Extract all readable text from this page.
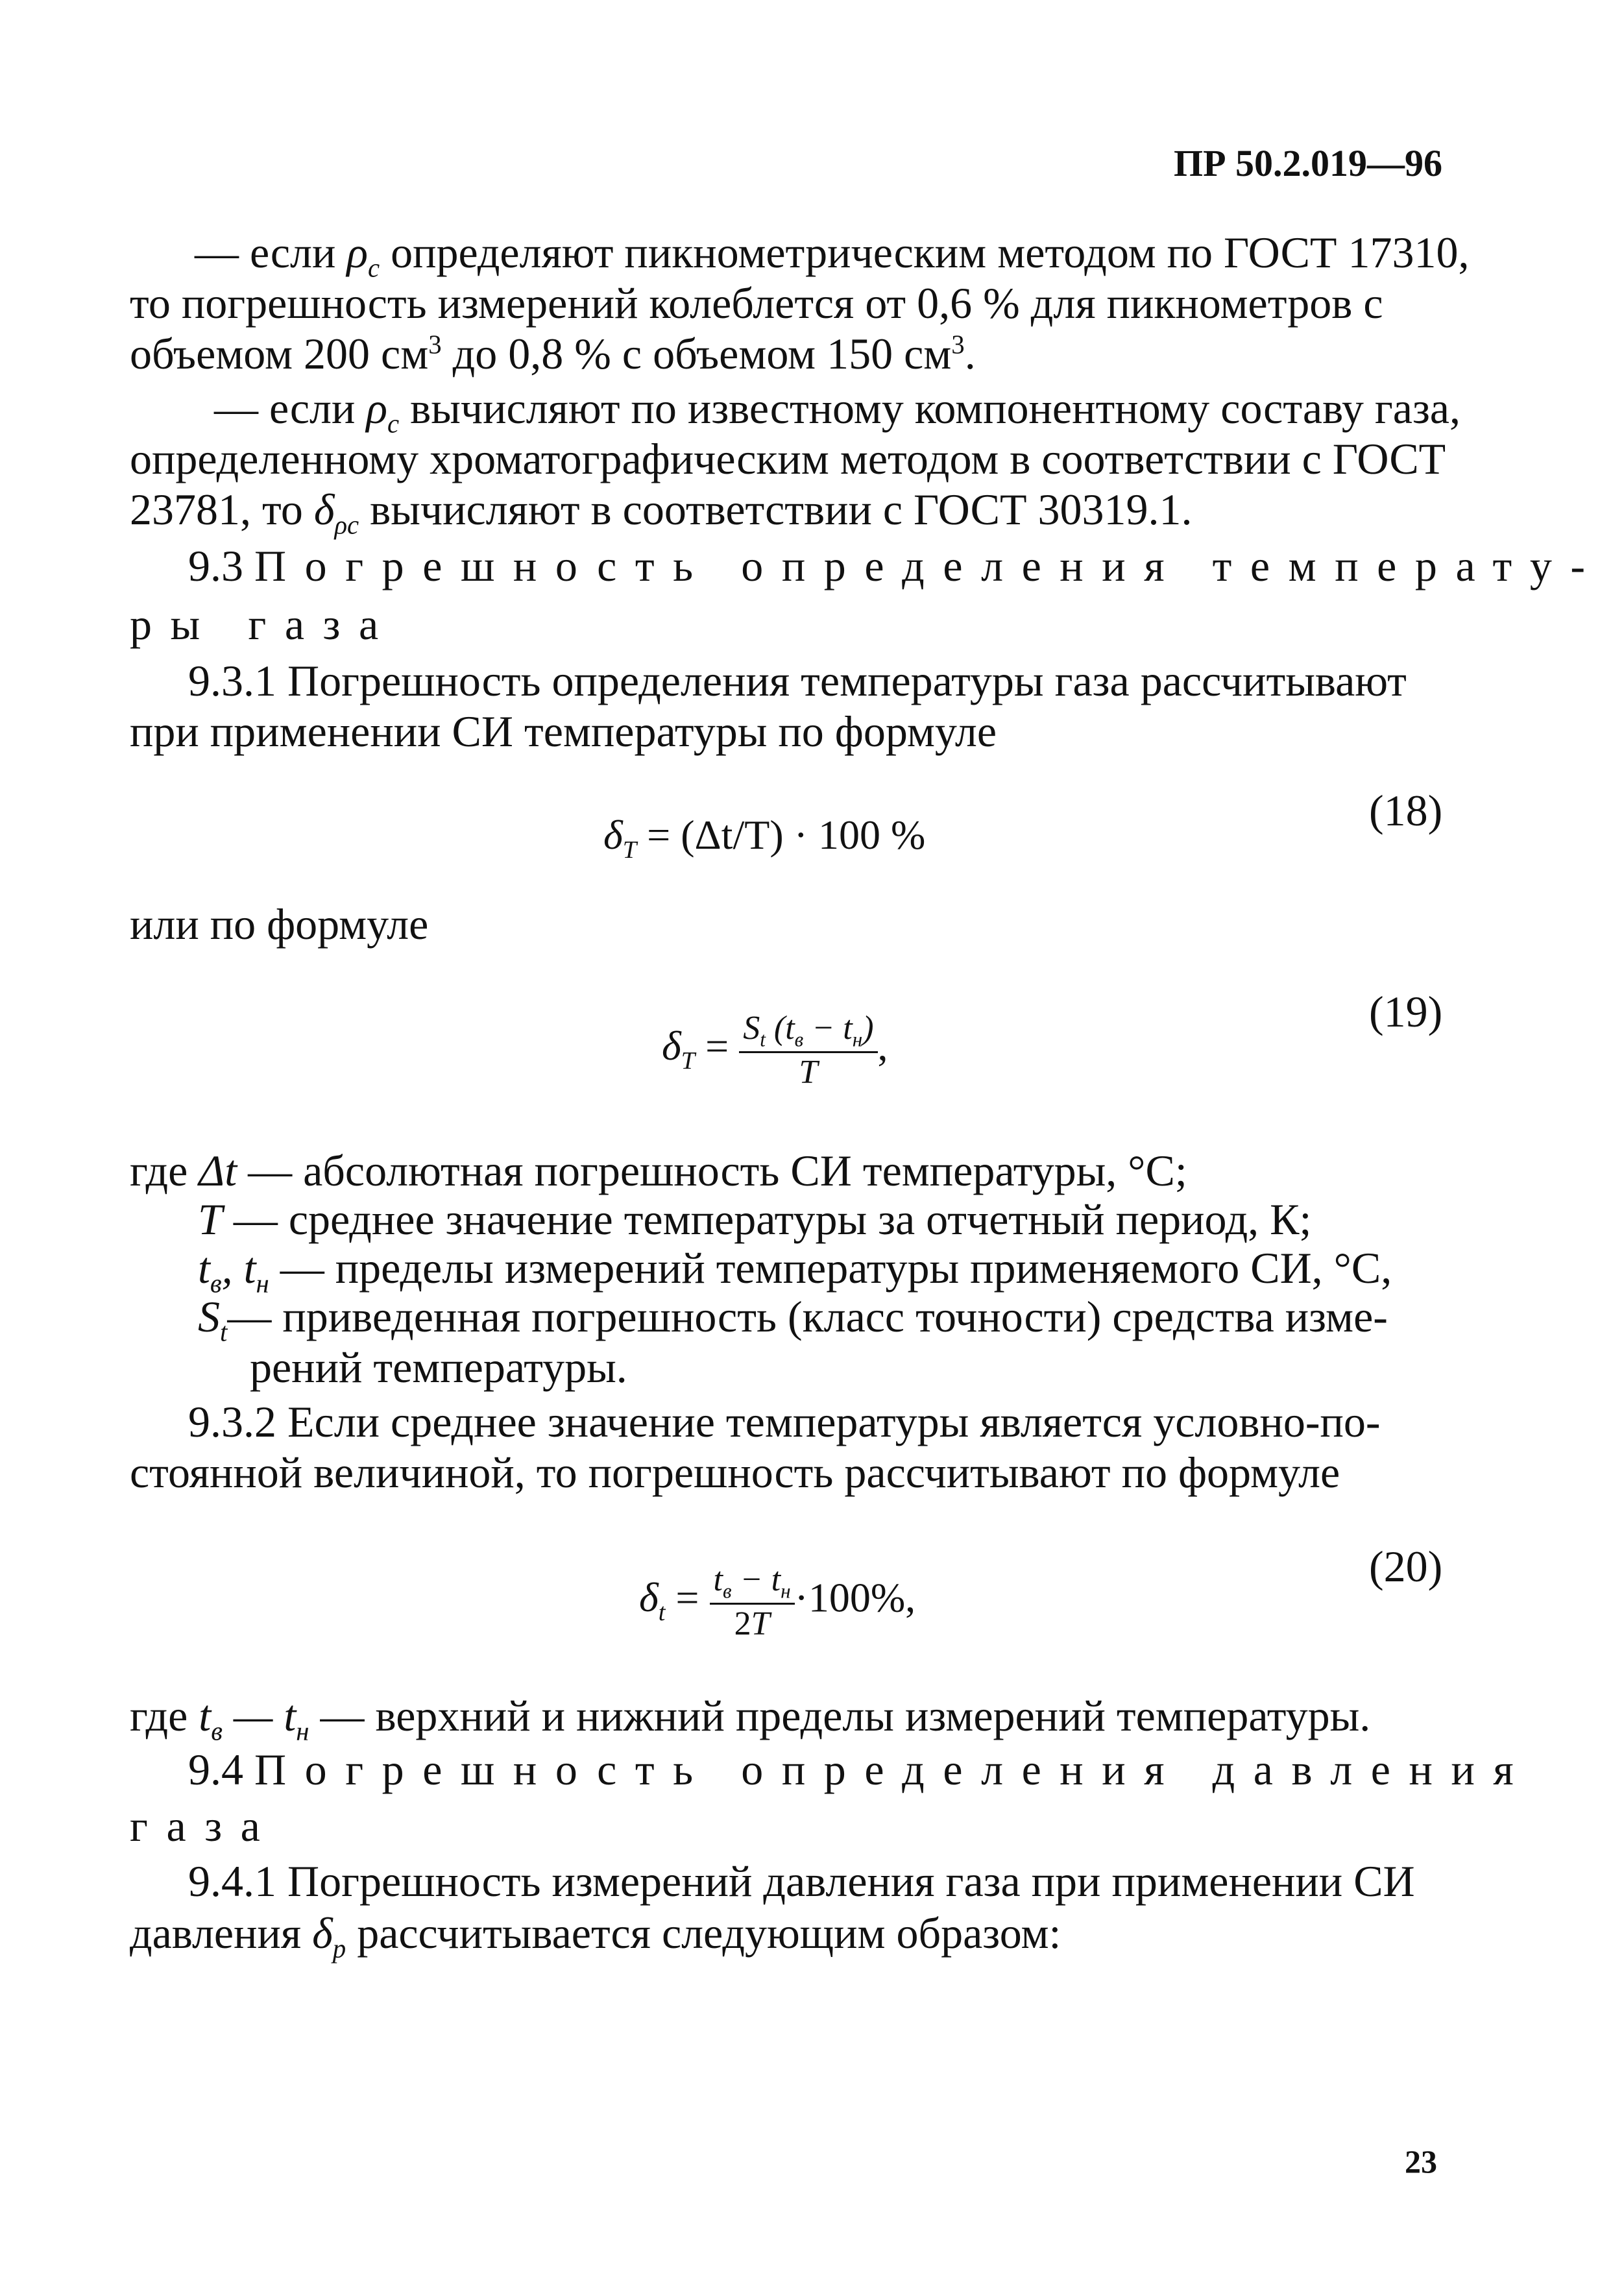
ПР 50.2.019—96
— если $\rho_с$ определяют пикнометрическим методом по ГОСТ 17310,
то погрешность измерений колеблется от 0,6 % для пикнометров с
объемом 200 $см^3$ до 0,8 % с объемом 150 $см^3$.
— если $\rho_с$ вычисляют по известному компонентному составу газа,
определенному хроматографическим методом в соответствии с ГОСТ
23781, то $\delta_{\rho с}$ вычисляют в соответствии с ГОСТ 30319.1.
9.3 Погрешность определения температу-
ры газа
9.3.1 Погрешность определения температуры газа рассчитывают
при применении СИ температуры по формуле
$\delta_T = (\Delta t/T) \cdot 100$ %	(18)
или по формуле
$\delta_T = \frac{S_t (t_в - t_н)}{T}$ ,
(19)
где Δt — абсолютная погрешность СИ температуры, °С;
T — среднее значение температуры за отчетный период, К;
$t_в$, $t_н$ — пределы измерений температуры применяемого СИ, °С,
$S_t—$ приведенная погрешность (класс точности) средства изме-
рений температуры.
9.3.2 Если среднее значение температуры является условно-по-
стоянной величиной, то погрешность рассчитывают по формуле
$\delta_t = \frac{t_в - t_н}{2T} \cdot 100\%$,
(20)
где $t_в$ — $t_н$ — верхний и нижний пределы измерений температуры.
9.4 Погрешность определения давления
газа
9.4.1 Погрешность измерений давления газа при применении СИ
давления $\delta_p$ рассчитывается следующим образом:
23
